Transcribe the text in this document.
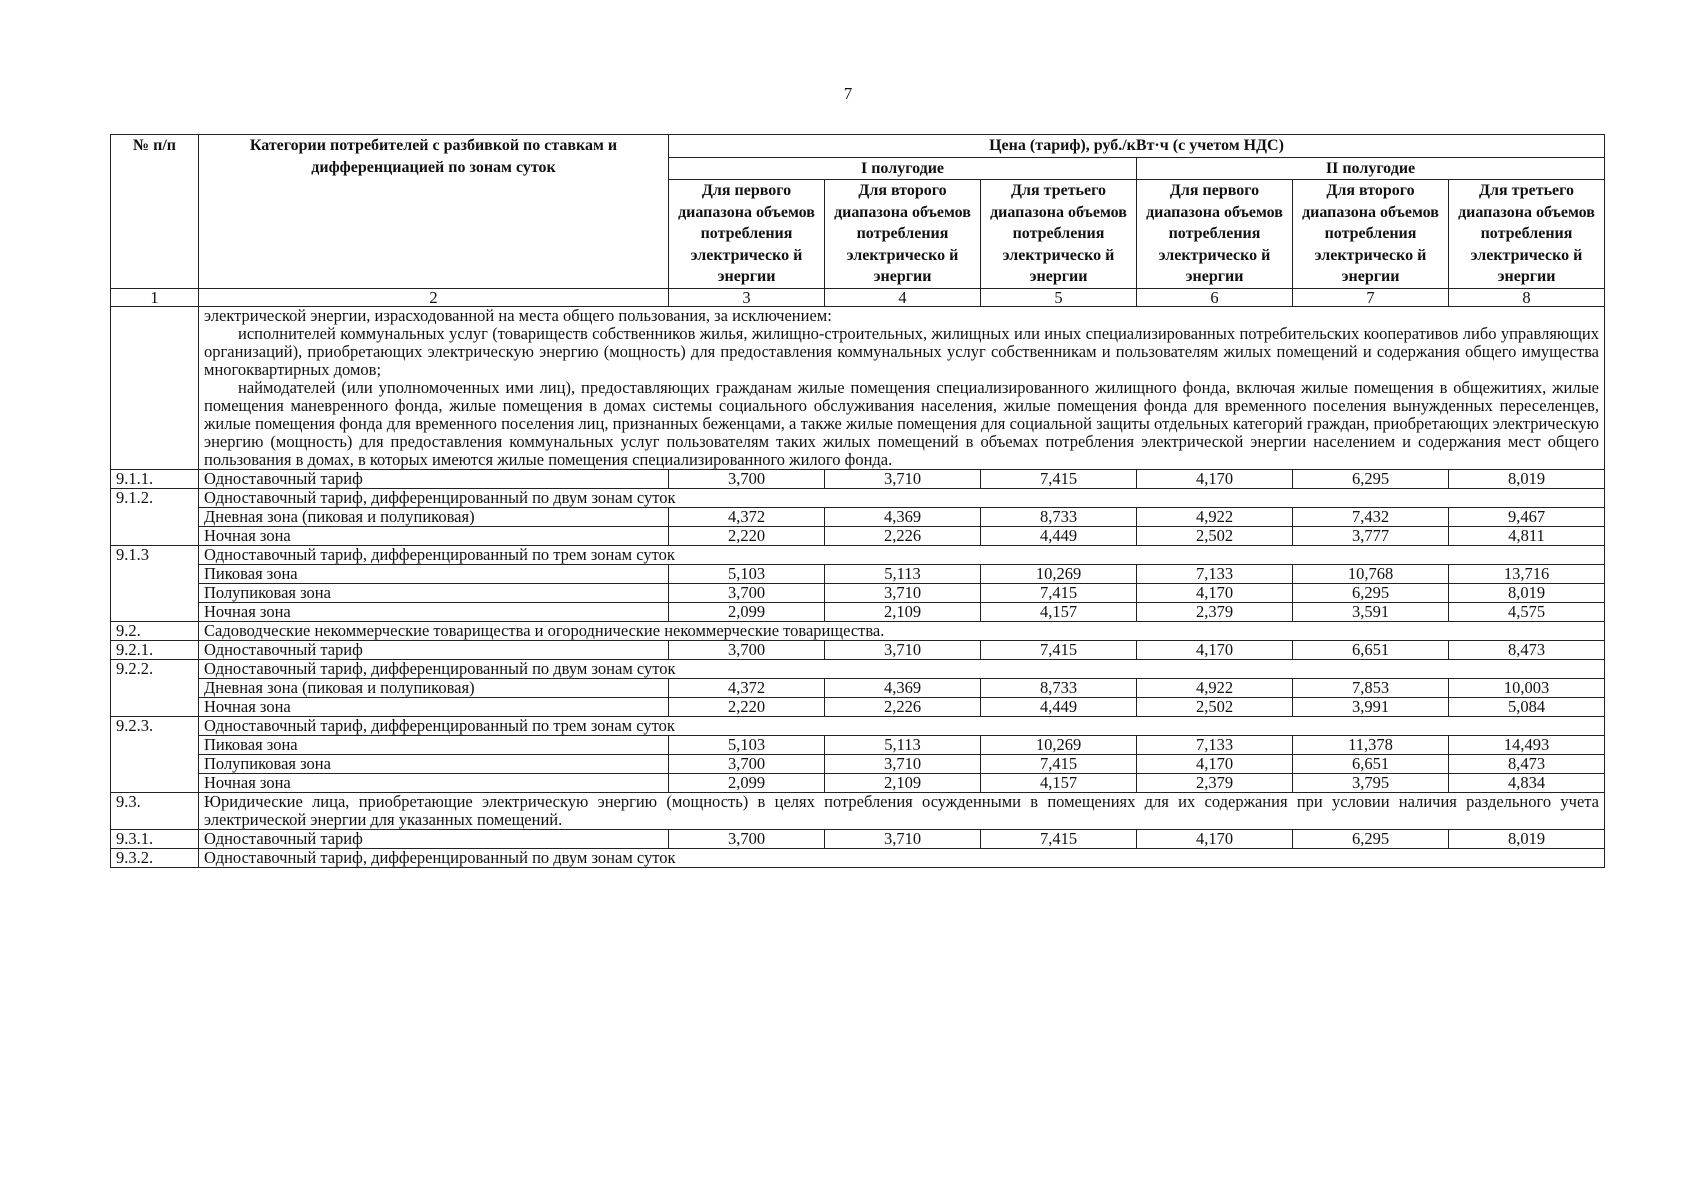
7
№ п/п	Категории потребителей с разбивкой по ставкам и дифференциацией по зонам суток	Цена (тариф), руб./кВт·ч (с учетом НДС)					
		I полугодие			II полугодие		
		Для первого диапазона объемов потребления электрическо й энергии	Для второго диапазона объемов потребления электрическо й энергии	Для третьего диапазона объемов потребления электрическо й энергии	Для первого диапазона объемов потребления электрическо й энергии	Для второго диапазона объемов потребления электрическо й энергии	Для третьего диапазона объемов потребления электрическо й энергии
1	2	3	4	5	6	7	8

	электрической энергии, израсходованной на места общего пользования, за исключением:

исполнителей коммунальных услуг (товариществ собственников жилья, жилищно-строительных, жилищных или иных специализированных потребительских кооперативов либо управляющих организаций), приобретающих электрическую энергию (мощность) для предоставления коммунальных услуг собственникам и пользователям жилых помещений и содержания общего имущества многоквартирных домов;

наймодателей (или уполномоченных ими лиц), предоставляющих гражданам жилые помещения специализированного жилищного фонда, включая жилые помещения в общежитиях, жилые помещения маневренного фонда, жилые помещения в домах системы социального обслуживания населения, жилые помещения фонда для временного поселения вынужденных переселенцев, жилые помещения фонда для временного поселения лиц, признанных беженцами, а также жилые помещения для социальной защиты отдельных категорий граждан, приобретающих электрическую энергию (мощность) для предоставления коммунальных услуг пользователям таких жилых помещений в объемах потребления электрической энергии населением и содержания мест общего пользования в домах, в которых имеются жилые помещения специализированного жилого фонда.						

9.1.1.	Одноставочный тариф	3,700	3,710	7,415	4,170	6,295	8,019
9.1.2.	Одноставочный тариф, дифференцированный по двум зонам суток						
	Дневная зона (пиковая и полупиковая)	4,372	4,369	8,733	4,922	7,432	9,467
	Ночная зона	2,220	2,226	4,449	2,502	3,777	4,811
9.1.3	Одноставочный тариф, дифференцированный по трем зонам суток						
	Пиковая зона	5,103	5,113	10,269	7,133	10,768	13,716
	Полупиковая зона	3,700	3,710	7,415	4,170	6,295	8,019
	Ночная зона	2,099	2,109	4,157	2,379	3,591	4,575
9.2.	Садоводческие некоммерческие товарищества и огороднические некоммерческие товарищества.						
9.2.1.	Одноставочный тариф	3,700	3,710	7,415	4,170	6,651	8,473
9.2.2.	Одноставочный тариф, дифференцированный по двум зонам суток						
	Дневная зона (пиковая и полупиковая)	4,372	4,369	8,733	4,922	7,853	10,003
	Ночная зона	2,220	2,226	4,449	2,502	3,991	5,084
9.2.3.	Одноставочный тариф, дифференцированный по трем зонам суток						
	Пиковая зона	5,103	5,113	10,269	7,133	11,378	14,493
	Полупиковая зона	3,700	3,710	7,415	4,170	6,651	8,473
	Ночная зона	2,099	2,109	4,157	2,379	3,795	4,834
9.3.	Юридические лица, приобретающие электрическую энергию (мощность) в целях потребления осужденными в помещениях для их содержания при условии наличия раздельного учета электрической энергии для указанных помещений.						
9.3.1.	Одноставочный тариф	3,700	3,710	7,415	4,170	6,295	8,019
9.3.2.	Одноставочный тариф, дифференцированный по двум зонам суток						
